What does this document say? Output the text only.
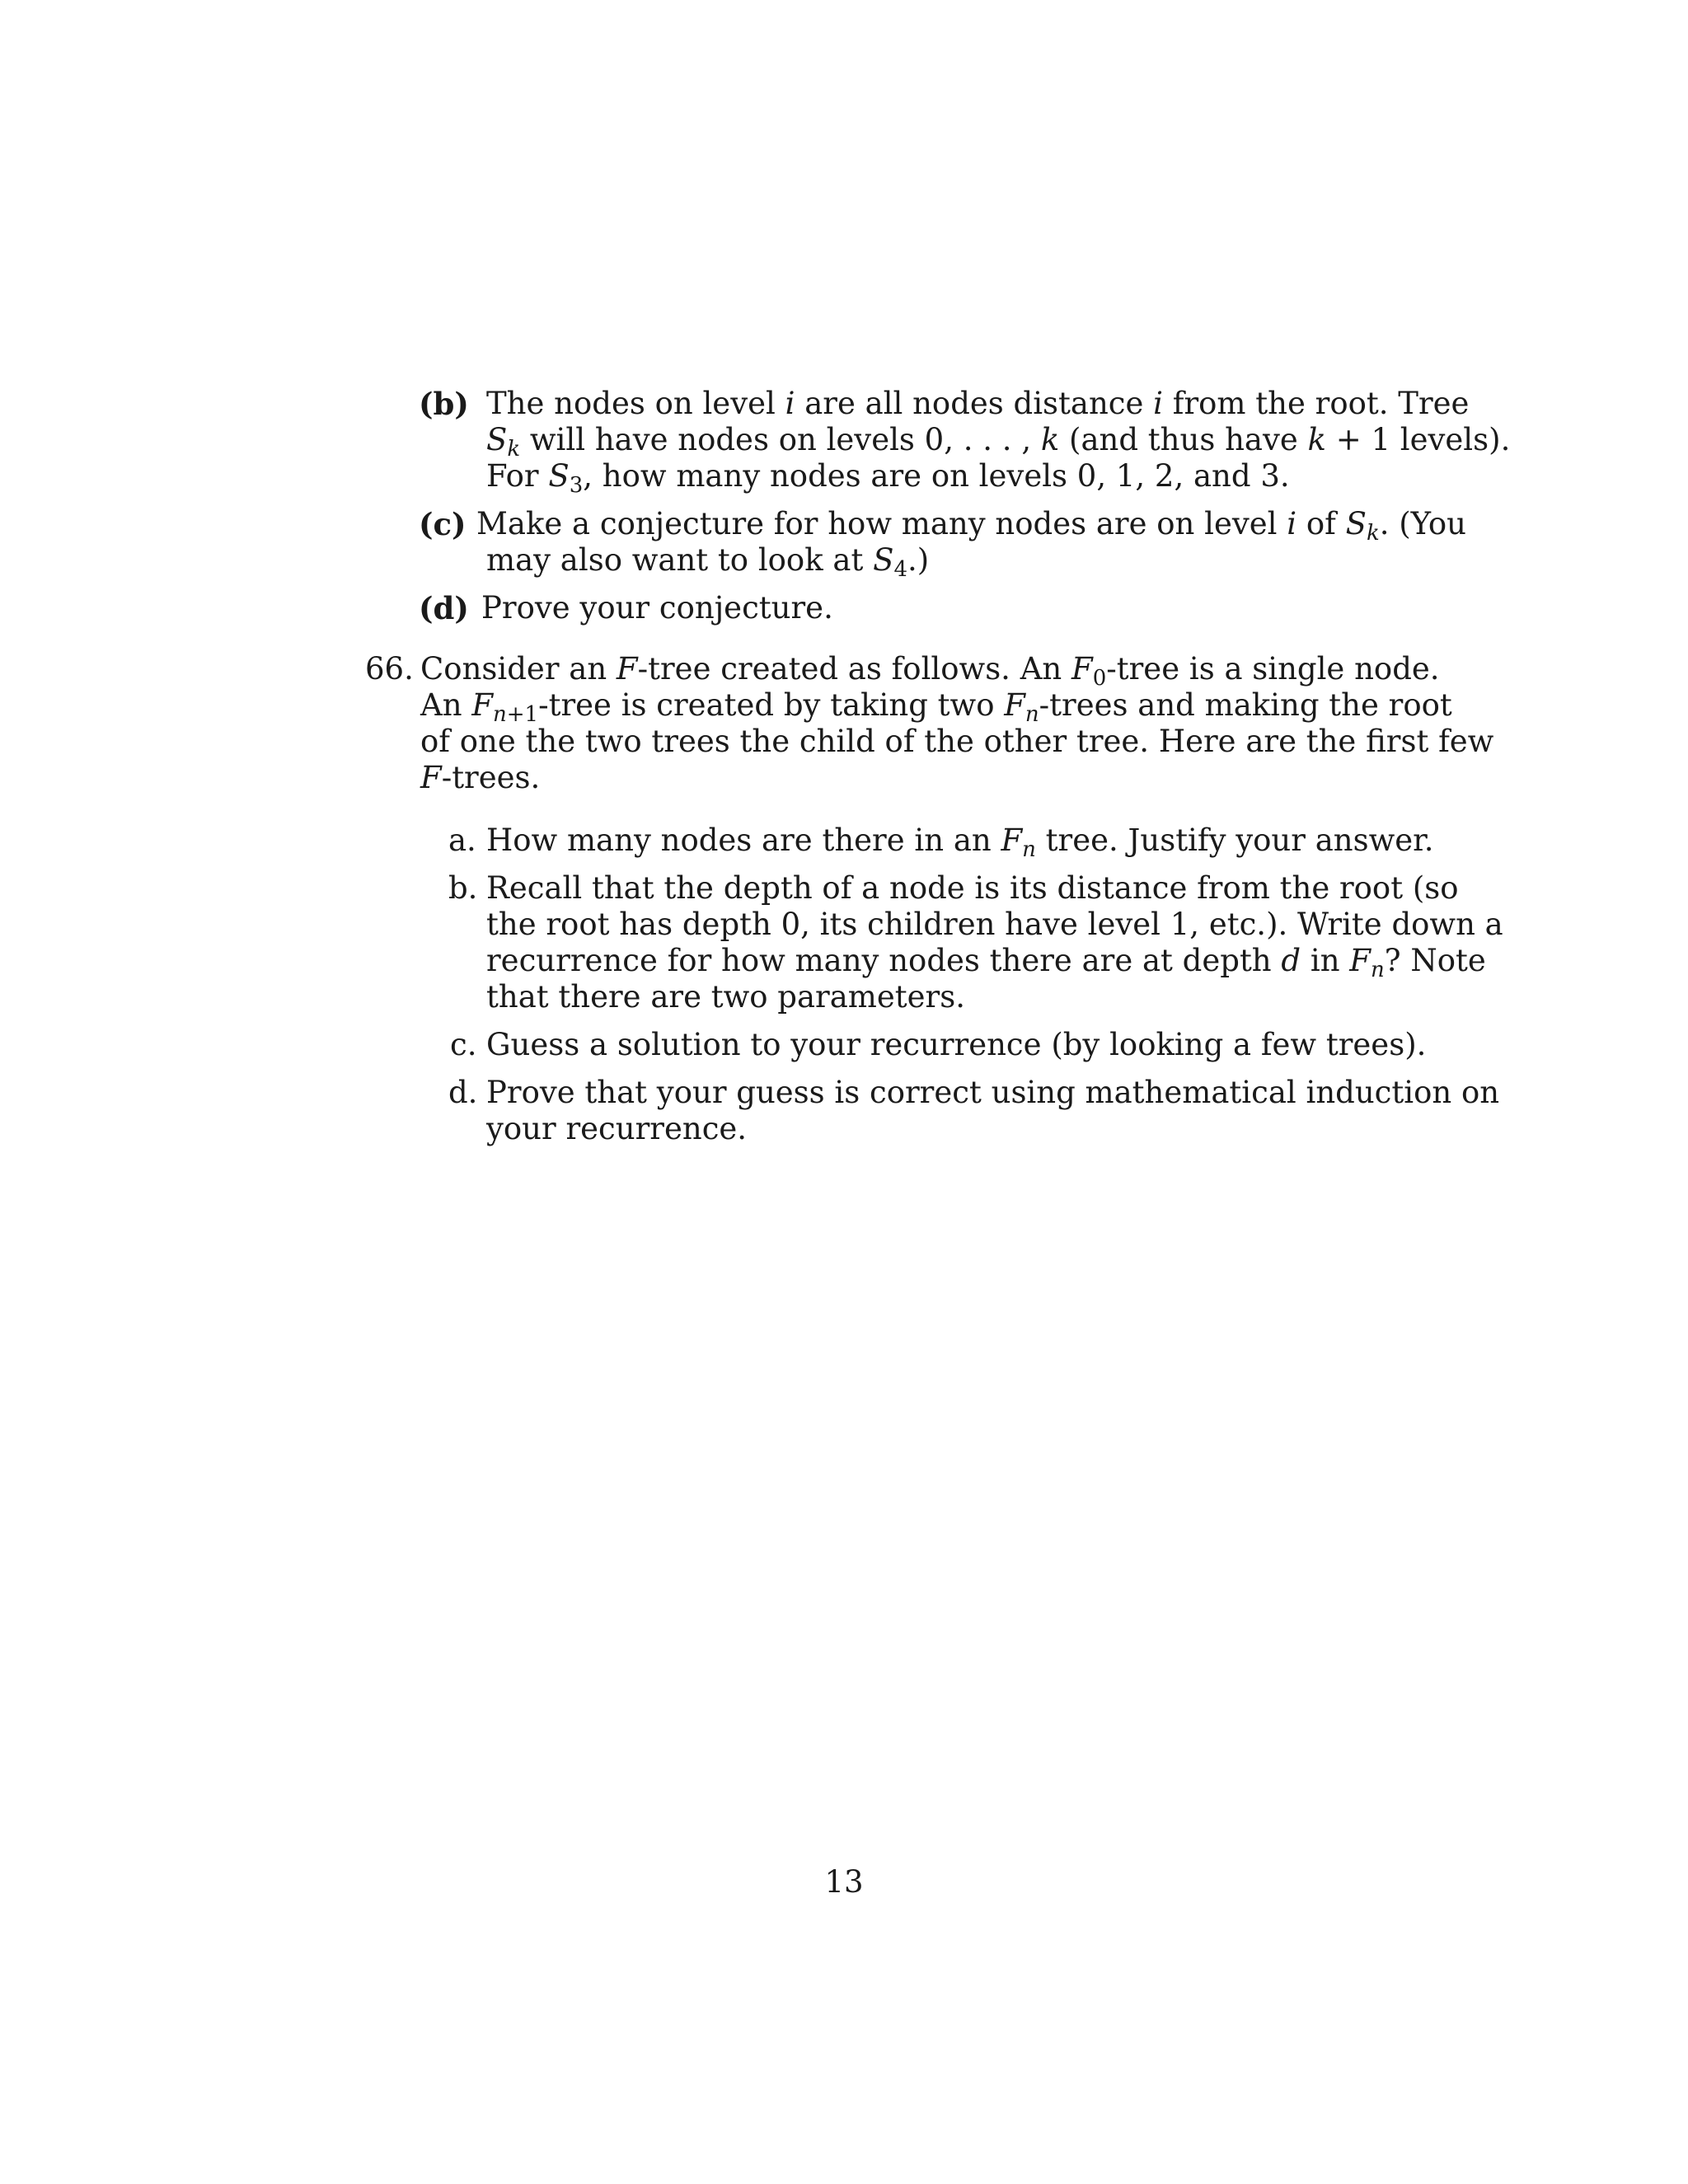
(b) The nodes on level i are all nodes distance i from the root. Tree
$S_k$ will have nodes on levels 0, . . . , k (and thus have k + 1 levels).
For $S_3$, how many nodes are on levels 0, 1, 2, and 3.
(c) Make a conjecture for how many nodes are on level i of $S_k$. (You
may also want to look at $S_4$.)
(d) Prove your conjecture.
66. Consider an F-tree created as follows. An $F_0$-tree is a single node.
An $F_{n+1}$-tree is created by taking two $F_n$-trees and making the root
of one the two trees the child of the other tree. Here are the first few
F-trees.
a. How many nodes are there in an $F_n$ tree. Justify your answer.
b. Recall that the depth of a node is its distance from the root (so
the root has depth 0, its children have level 1, etc.). Write down a
recurrence for how many nodes there are at depth d in $F_n$? Note
that there are two parameters.
c. Guess a solution to your recurrence (by looking a few trees).
d. Prove that your guess is correct using mathematical induction on
your recurrence.
13
